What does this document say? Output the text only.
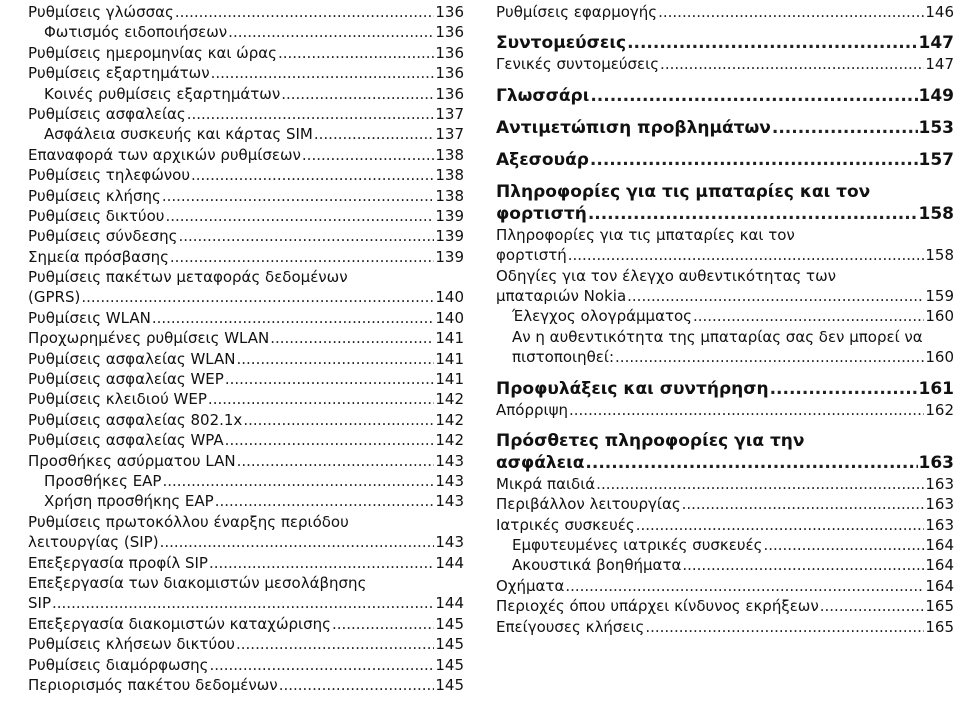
Ρυθμίσεις γλώσσας .....	136
Φωτισμός ειδοποιήσεων .....	136
Ρυθμίσεις ημερομηνίας και ώρας .....	136
Ρυθμίσεις εξαρτημάτων .....	136
Κοινές ρυθμίσεις εξαρτημάτων .....	136
Ρυθμίσεις ασφαλείας .....	137
Ασφάλεια συσκευής και κάρτας SIM .....	137
Επαναφορά των αρχικών ρυθμίσεων .....	138
Ρυθμίσεις τηλεφώνου .....	138
Ρυθμίσεις κλήσης .....	138
Ρυθμίσεις δικτύου .....	139
Ρυθμίσεις σύνδεσης .....	139
Σημεία πρόσβασης .....	139
Ρυθμίσεις πακέτων μεταφοράς δεδομένων
(GPRS) .....	140
Ρυθμίσεις WLAN .....	140
Προχωρημένες ρυθμίσεις WLAN .....	141
Ρυθμίσεις ασφαλείας WLAN .....	141
Ρυθμίσεις ασφαλείας WEP .....	141
Ρυθμίσεις κλειδιού WEP .....	142
Ρυθμίσεις ασφαλείας 802.1x .....	142
Ρυθμίσεις ασφαλείας WPA .....	142
Προσθήκες ασύρματου LAN .....	143
Προσθήκες EAP .....	143
Χρήση προσθήκης EAP .....	143
Ρυθμίσεις πρωτοκόλλου έναρξης περιόδου
λειτουργίας (SIP) .....	143
Επεξεργασία προφίλ SIP .....	144
Επεξεργασία των διακομιστών μεσολάβησης
SIP .....	144
Επεξεργασία διακομιστών καταχώρισης .....	145
Ρυθμίσεις κλήσεων δικτύου .....	145
Ρυθμίσεις διαμόρφωσης .....	145
Περιορισμός πακέτου δεδομένων .....	145
Ρυθμίσεις εφαρμογής .....	146
Συντομεύσεις .....	147
Γενικές συντομεύσεις .....	147
Γλωσσάρι .....	149
Αντιμετώπιση προβλημάτων .....	153
Αξεσουάρ .....	157
Πληροφορίες για τις μπαταρίες και τον
φορτιστή .....	158
Πληροφορίες για τις μπαταρίες και τον
φορτιστή .....	158
Οδηγίες για τον έλεγχο αυθεντικότητας των
μπαταριών Nokia .....	159
Έλεγχος ολογράμματος .....	160
Αν η αυθεντικότητα της μπαταρίας σας δεν μπορεί να
πιστοποιηθεί: .....	160
Προφυλάξεις και συντήρηση .....	161
Απόρριψη .....	162
Πρόσθετες πληροφορίες για την
ασφάλεια .....	163
Μικρά παιδιά .....	163
Περιβάλλον λειτουργίας .....	163
Ιατρικές συσκευές .....	163
Εμφυτευμένες ιατρικές συσκευές .....	164
Ακουστικά βοηθήματα .....	164
Οχήματα .....	164
Περιοχές όπου υπάρχει κίνδυνος εκρήξεων .....	165
Επείγουσες κλήσεις .....	165
